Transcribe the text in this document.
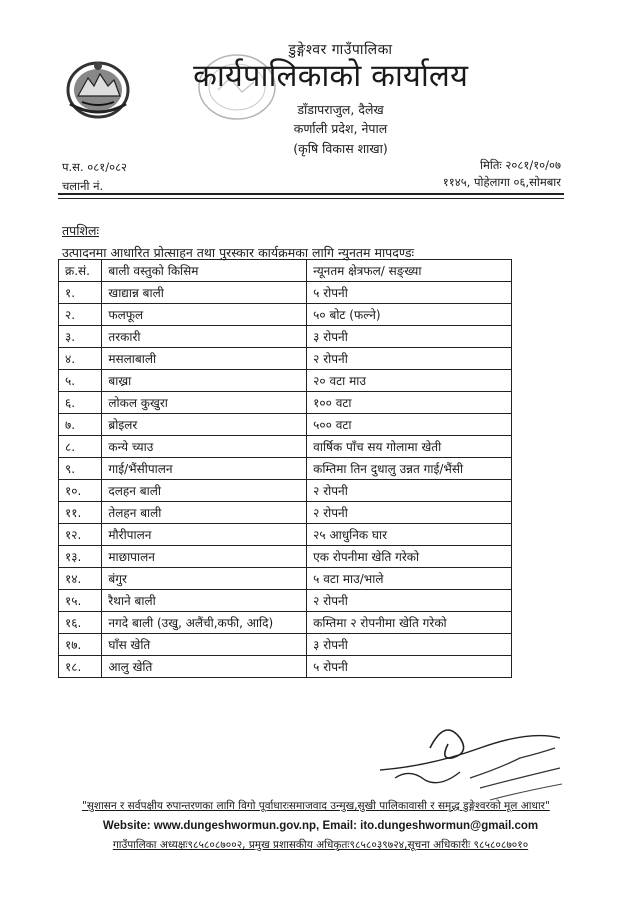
डुङ्गेश्वर गाउँपालिका
कार्यपालिकाको कार्यालय
डाँडापराजुल, दैलेख
कर्णाली प्रदेश, नेपाल
(कृषि विकास शाखा)
प.स. ०८१/०८२
चलानी नं.
मितिः २०८१/१०/०७
११४५, पोहेलागा ०६,सोमबार
तपशिलः
उत्पादनमा आधारित प्रोत्साहन तथा पुरस्कार कार्यक्रमका लागि न्युनतम मापदण्डः
क्र.सं.	बाली वस्तुको किसिम	न्यूनतम क्षेत्रफल/ सङ्ख्या
१.	खाद्यान्न बाली	५ रोपनी
२.	फलफूल	५० बोट (फल्ने)
३.	तरकारी	३ रोपनी
४.	मसलाबाली	२ रोपनी
५.	बाख्रा	२० वटा माउ
६.	लोकल कुखुरा	१०० वटा
७.	ब्रोइलर	५०० वटा
८.	कन्ये च्याउ	वार्षिक पाँच सय गोलामा खेती
९.	गाई/भैंसीपालन	कम्तिमा तिन दुधालु उन्नत गाई/भैंसी
१०.	दलहन बाली	२ रोपनी
११.	तेलहन बाली	२ रोपनी
१२.	मौरीपालन	२५ आधुनिक घार
१३.	माछापालन	एक रोपनीमा खेति गरेको
१४.	बंगुर	५ वटा माउ/भाले
१५.	रैथाने बाली	२ रोपनी
१६.	नगदे बाली (उखु, अलैंची,कफी, आदि)	कम्तिमा २ रोपनीमा खेति गरेको
१७.	घाँस खेति	३ रोपनी
१८.	आलु खेति	५ रोपनी
"सुशासन र सर्वपक्षीय रुपान्तरणका लागि विगो पूर्वाधारःसमाजवाद उन्मुख,सुखी पालिकावासी र समृद्ध डुङ्गेश्वरको मूल आधार"
Website: www.dungeshwormun.gov.np, Email: ito.dungeshwormun@gmail.com
गाउँपालिका अध्यक्षः९८५८०८७००२, प्रमुख प्रशासकीय अधिकृतः९८५८०३९७२४,सूचना अधिकारीः ९८५८०८७०१०
